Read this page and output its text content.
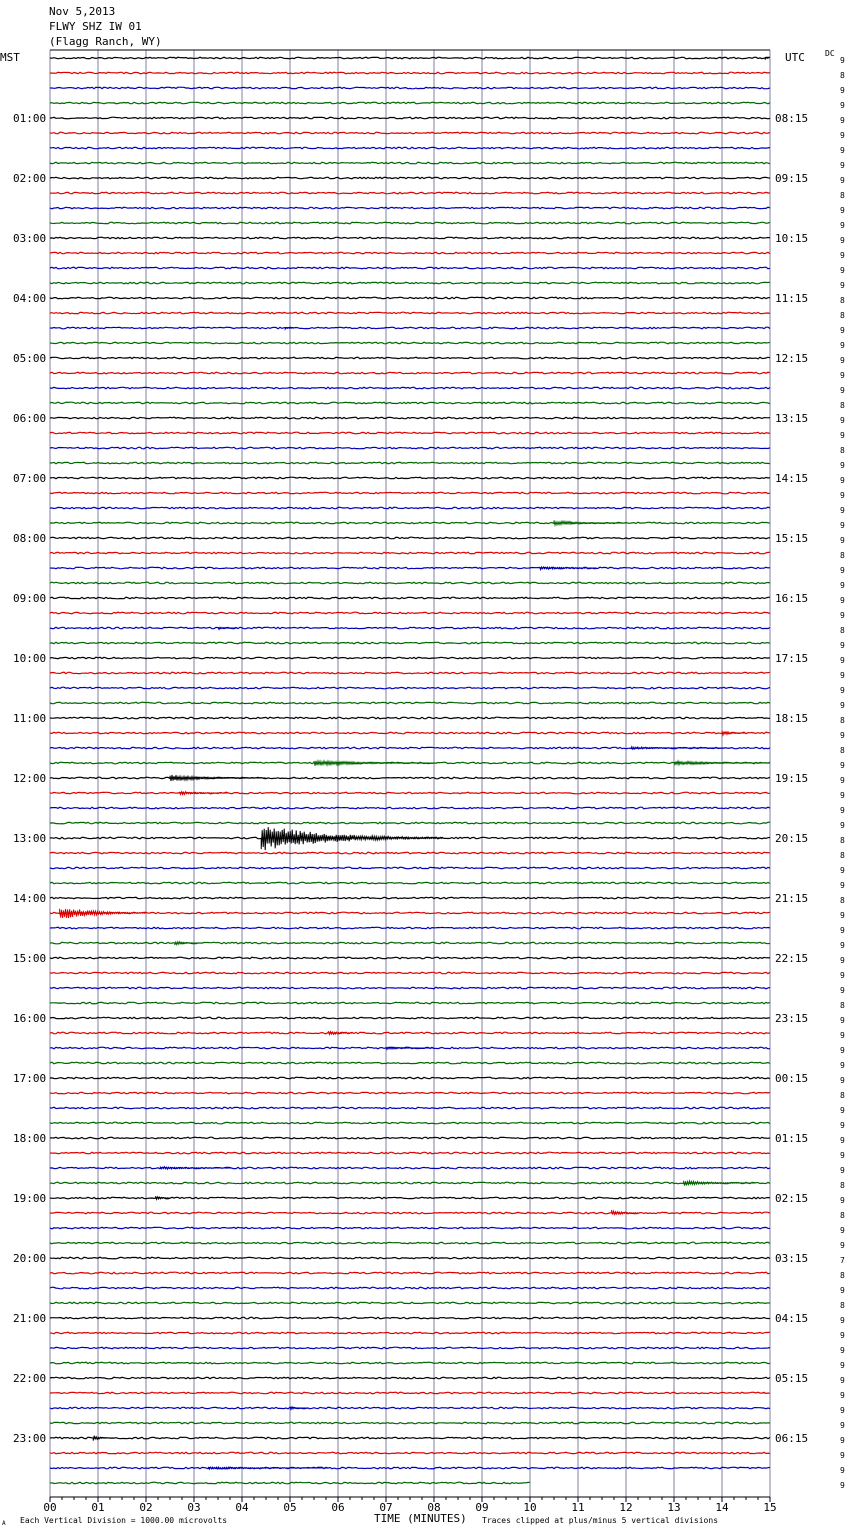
Nov 5,2013
FLWY SHZ IW 01
(Flagg Ranch, WY)
MST	UTC	DC
01:00
02:00
03:00
04:00
05:00
06:00
07:00
08:00
09:00
10:00
11:00
12:00
13:00
14:00
15:00
16:00
17:00
18:00
19:00
20:00
21:00
22:00
23:00
08:15
09:15
10:15
11:15
12:15
13:15
14:15
15:15
16:15
17:15
18:15
19:15
20:15
21:15
22:15
23:15
00:15
01:15
02:15
03:15
04:15
05:15
06:15
9
8
9
9
9
9
9
9
9
8
9
9
9
9
9
9
8
8
9
9
9
9
9
8
9
9
8
9
9
9
9
9
9
8
9
9
9
9
8
9
9
9
9
9
8
9
8
9
9
9
9
9
8
8
9
9
8
9
9
9
9
9
9
8
9
9
9
9
9
8
9
9
9
9
9
8
9
8
9
9
7
8
9
8
9
9
9
9
9
9
9
9
9
9
9
9
00	01	02	03	04	05	06	07	08	09	10	11	12	13	14	15
Each Vertical Division = 1000.00 microvolts	TIME (MINUTES) Traces clipped at plus/minus 5 vertical divisions
A
